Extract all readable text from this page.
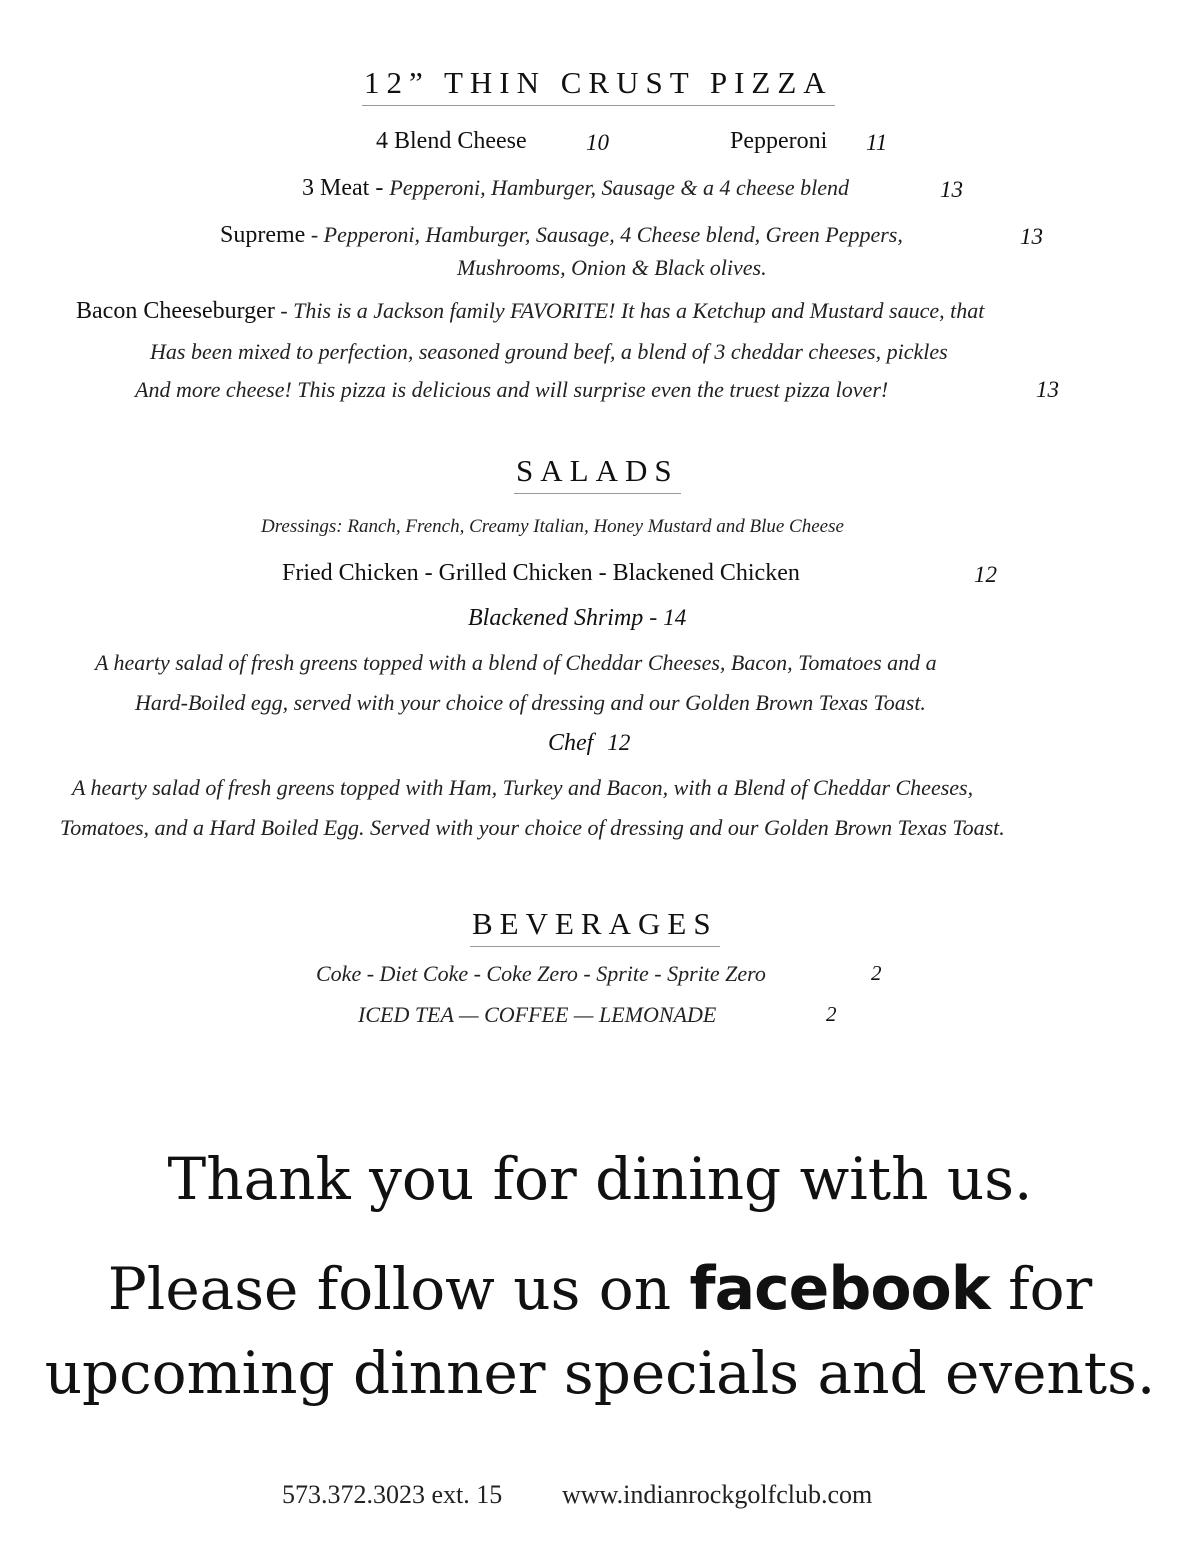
12” THIN CRUST PIZZA
4 Blend Cheese	10	Pepperoni 11
3 Meat - Pepperoni, Hamburger, Sausage & a 4 cheese blend	13
Supreme - Pepperoni, Hamburger, Sausage, 4 Cheese blend, Green Peppers,	13
Mushrooms, Onion & Black olives.
Bacon Cheeseburger - This is a Jackson family FAVORITE! It has a Ketchup and Mustard sauce, that
Has been mixed to perfection, seasoned ground beef, a blend of 3 cheddar cheeses, pickles
And more cheese! This pizza is delicious and will surprise even the truest pizza lover!	13
SALADS
Dressings: Ranch, French, Creamy Italian, Honey Mustard and Blue Cheese
Fried Chicken - Grilled Chicken - Blackened Chicken	12
Blackened Shrimp - 14
A hearty salad of fresh greens topped with a blend of Cheddar Cheeses, Bacon, Tomatoes and a
Hard-Boiled egg, served with your choice of dressing and our Golden Brown Texas Toast.
Chef 12
A hearty salad of fresh greens topped with Ham, Turkey and Bacon, with a Blend of Cheddar Cheeses,
Tomatoes, and a Hard Boiled Egg. Served with your choice of dressing and our Golden Brown Texas Toast.
BEVERAGES
Coke - Diet Coke - Coke Zero - Sprite - Sprite Zero	2
ICED TEA — COFFEE — LEMONADE	2
Thank you for dining with us.
Please follow us on facebook for
upcoming dinner specials and events.
573.372.3023 ext. 15 www.indianrockgolfclub.com
